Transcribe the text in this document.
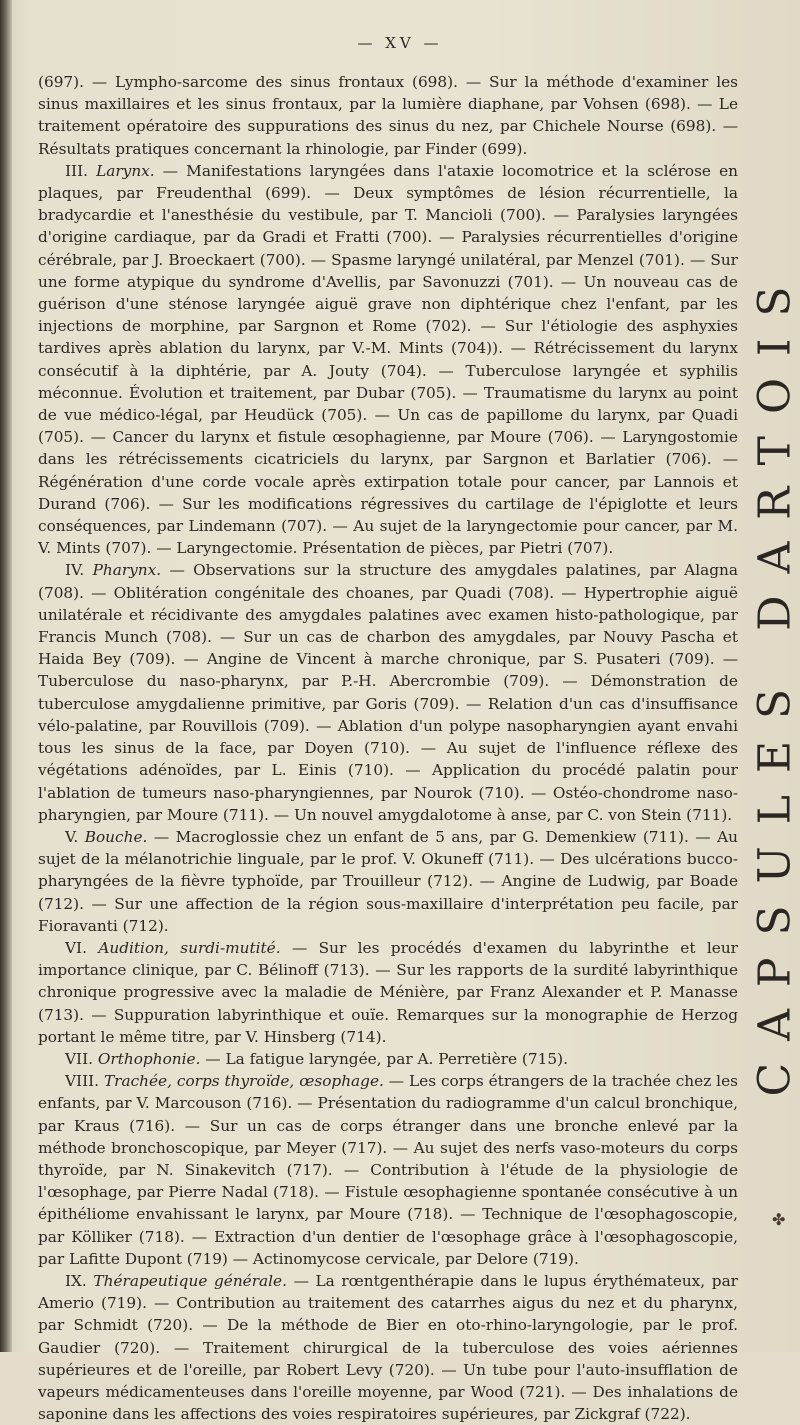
— XV —

(697). — Lympho-sarcome des sinus frontaux (698). — Sur la méthode d'examiner les sinus maxillaires et les sinus frontaux, par la lumière diaphane, par Vohsen (698). — Le traitement opératoire des suppurations des sinus du nez, par Chichele Nourse (698). — Résultats pratiques concernant la rhinologie, par Finder (699).

III. Larynx. — Manifestations laryngées dans l'ataxie locomotrice et la sclérose en plaques, par Freudenthal (699). — Deux symptômes de lésion récurrentielle, la bradycardie et l'anesthésie du vestibule, par T. Mancioli (700). — Paralysies laryngées d'origine cardiaque, par da Gradi et Fratti (700). — Paralysies récurrentielles d'origine cérébrale, par J. Broeckaert (700). — Spasme laryngé unilatéral, par Menzel (701). — Sur une forme atypique du syndrome d'Avellis, par Savonuzzi (701). — Un nouveau cas de guérison d'une sténose laryngée aiguë grave non diphtérique chez l'enfant, par les injections de morphine, par Sargnon et Rome (702). — Sur l'étiologie des asphyxies tardives après ablation du larynx, par V.-M. Mints (704)). — Rétrécissement du larynx consécutif à la diphtérie, par A. Jouty (704). — Tuberculose laryngée et syphilis méconnue. Évolution et traitement, par Dubar (705). — Traumatisme du larynx au point de vue médico-légal, par Heudück (705). — Un cas de papillome du larynx, par Quadi (705). — Cancer du larynx et fistule œsophagienne, par Moure (706). — Laryngostomie dans les rétrécissements cicatriciels du larynx, par Sargnon et Barlatier (706). — Régénération d'une corde vocale après extirpation totale pour cancer, par Lannois et Durand (706). — Sur les modifications régressives du cartilage de l'épiglotte et leurs conséquences, par Lindemann (707). — Au sujet de la laryngectomie pour cancer, par M. V. Mints (707). — Laryngectomie. Présentation de pièces, par Pietri (707).

IV. Pharynx. — Observations sur la structure des amygdales palatines, par Alagna (708). — Oblitération congénitale des choanes, par Quadi (708). — Hypertrophie aiguë unilatérale et récidivante des amygdales palatines avec examen histo-pathologique, par Francis Munch (708). — Sur un cas de charbon des amygdales, par Nouvy Pascha et Haida Bey (709). — Angine de Vincent à marche chronique, par S. Pusateri (709). — Tuberculose du naso-pharynx, par P.-H. Abercrombie (709). — Démonstration de tuberculose amygdalienne primitive, par Goris (709). — Relation d'un cas d'insuffisance vélo-palatine, par Rouvillois (709). — Ablation d'un polype nasopharyngien ayant envahi tous les sinus de la face, par Doyen (710). — Au sujet de l'influence réflexe des végétations adénoïdes, par L. Einis (710). — Application du procédé palatin pour l'ablation de tumeurs naso-pharyngiennes, par Nourok (710). — Ostéo-chondrome naso-pharyngien, par Moure (711). — Un nouvel amygdalotome à anse, par C. von Stein (711).

V. Bouche. — Macroglossie chez un enfant de 5 ans, par G. Demenkiew (711). — Au sujet de la mélanotrichie linguale, par le prof. V. Okuneff (711). — Des ulcérations bucco-pharyngées de la fièvre typhoïde, par Trouilleur (712). — Angine de Ludwig, par Boade (712). — Sur une affection de la région sous-maxillaire d'interprétation peu facile, par Fioravanti (712).

VI. Audition, surdi-mutité. — Sur les procédés d'examen du labyrinthe et leur importance clinique, par C. Bélinoff (713). — Sur les rapports de la surdité labyrinthique chronique progressive avec la maladie de Ménière, par Franz Alexander et P. Manasse (713). — Suppuration labyrinthique et ouïe. Remarques sur la monographie de Herzog portant le même titre, par V. Hinsberg (714).

VII. Orthophonie. — La fatigue laryngée, par A. Perretière (715).

VIII. Trachée, corps thyroïde, œsophage. — Les corps étrangers de la trachée chez les enfants, par V. Marcouson (716). — Présentation du radiogramme d'un calcul bronchique, par Kraus (716). — Sur un cas de corps étranger dans une bronche enlevé par la méthode bronchoscopique, par Meyer (717). — Au sujet des nerfs vaso-moteurs du corps thyroïde, par N. Sinakevitch (717). — Contribution à l'étude de la physiologie de l'œsophage, par Pierre Nadal (718). — Fistule œsophagienne spontanée consécutive à un épithéliome envahissant le larynx, par Moure (718). — Technique de l'œsophagoscopie, par Kölliker (718). — Extraction d'un dentier de l'œsophage grâce à l'œsophagoscopie, par Lafitte Dupont (719) — Actinomycose cervicale, par Delore (719).

IX. Thérapeutique générale. — La rœntgenthérapie dans le lupus érythémateux, par Amerio (719). — Contribution au traitement des catarrhes aigus du nez et du pharynx, par Schmidt (720). — De la méthode de Bier en oto-rhino-laryngologie, par le prof. Gaudier (720). — Traitement chirurgical de la tuberculose des voies aériennes supérieures et de l'oreille, par Robert Levy (720). — Un tube pour l'auto-insufflation de vapeurs médicamenteuses dans l'oreille moyenne, par Wood (721). — Des inhalations de saponine dans les affections des voies respiratoires supérieures, par Zickgraf (722).

CAPSULES DARTOIS
✤
